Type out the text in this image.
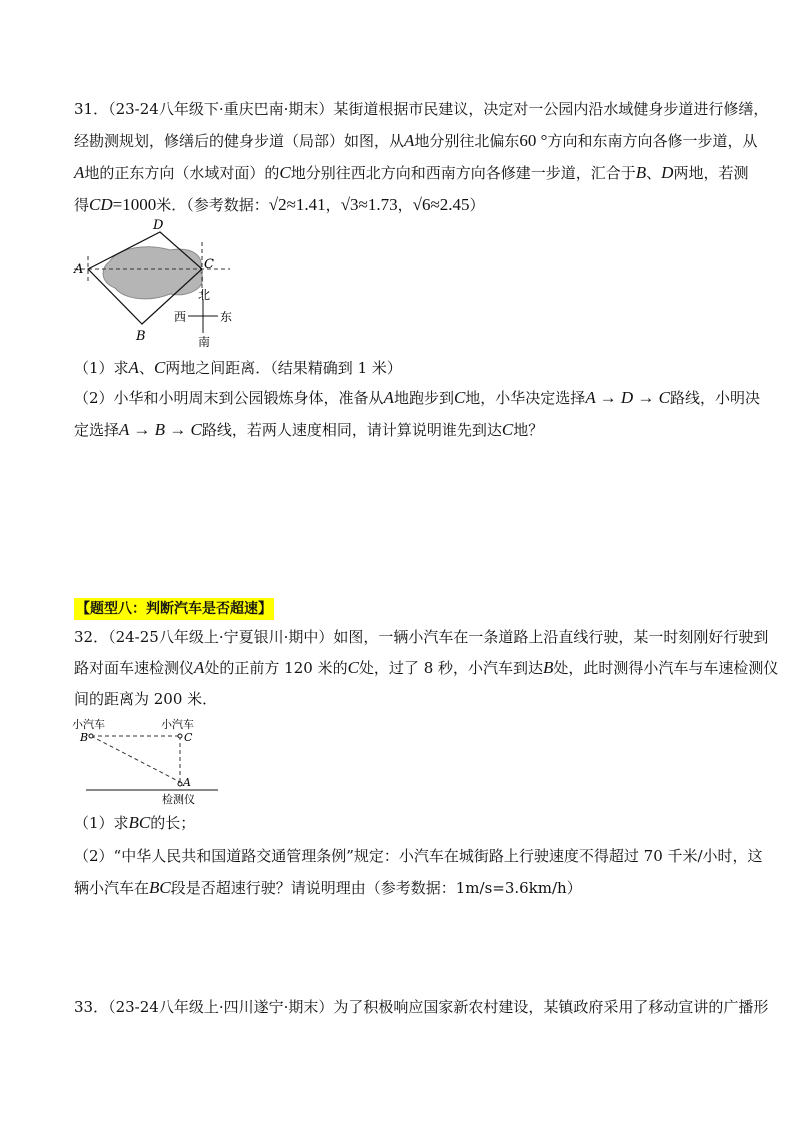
31．（23-24八年级下·重庆巴南·期末）某街道根据市民建议，决定对一公园内沿水域健身步道进行修缮，
经勘测规划，修缮后的健身步道（局部）如图，从A地分别往北偏东60 °方向和东南方向各修一步道，从
A地的正东方向（水域对面）的C地分别往西北方向和西南方向各修建一步道，汇合于B、D两地，若测
得CD=1000米．（参考数据：√2≈1.41，√3≈1.73，√6≈2.45）
D
A	C
B
北
西	东
南
（1）求A、C两地之间距离．（结果精确到 1 米）
（2）小华和小明周末到公园锻炼身体，准备从A地跑步到C地，小华决定选择A → D → C路线，小明决
定选择A → B → C路线，若两人速度相同，请计算说明谁先到达C地？
【题型八：判断汽车是否超速】
32．（24-25八年级上·宁夏银川·期中）如图，一辆小汽车在一条道路上沿直线行驶，某一时刻刚好行驶到
路对面车速检测仪A处的正前方 120 米的C处，过了 8 秒，小汽车到达B处，此时测得小汽车与车速检测仪
间的距离为 200 米．
小汽车	小汽车
B	C
A
检测仪
（1）求BC的长；
（2）“中华人民共和国道路交通管理条例”规定：小汽车在城街路上行驶速度不得超过 70 千米/小时，这
辆小汽车在BC段是否超速行驶？请说明理由（参考数据：1m/s=3.6km/h）
33．（23-24八年级上·四川遂宁·期末）为了积极响应国家新农村建设，某镇政府采用了移动宣讲的广播形
